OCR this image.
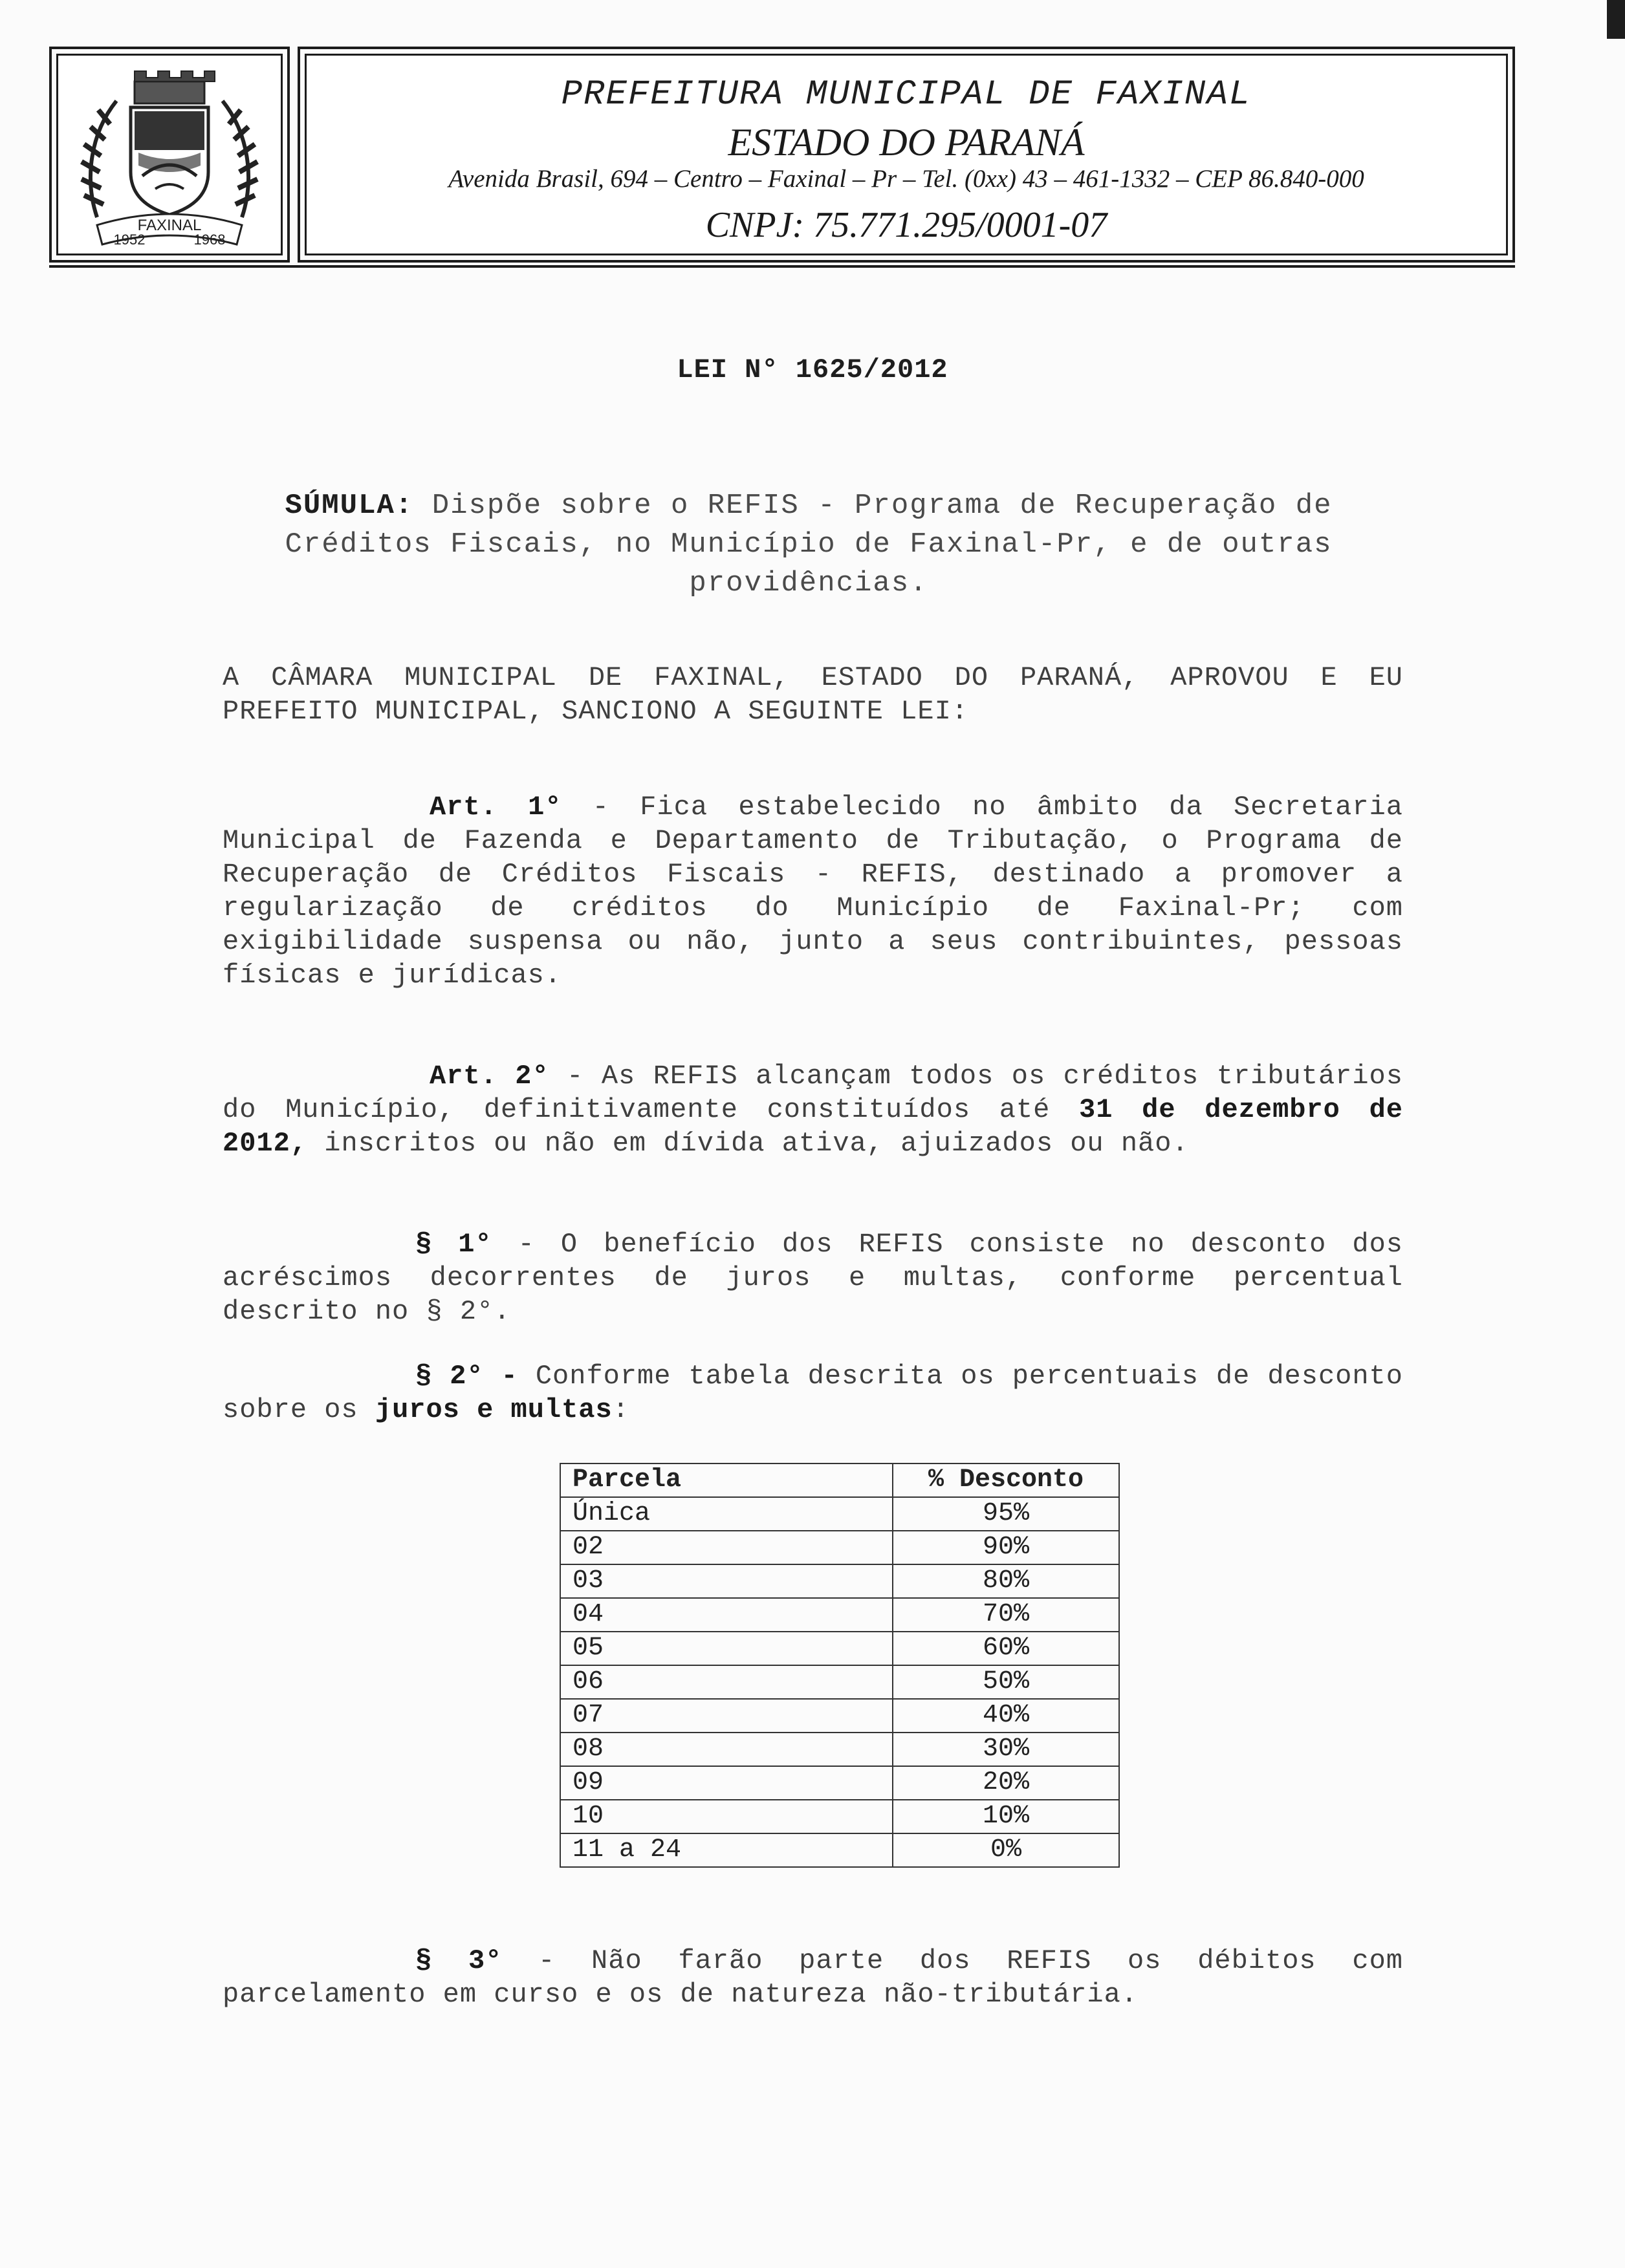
FAXINAL
1952	1968
PREFEITURA MUNICIPAL DE FAXINAL
ESTADO DO PARANÁ
Avenida Brasil, 694 – Centro – Faxinal – Pr – Tel. (0xx) 43 – 461-1332 – CEP 86.840-000
CNPJ: 75.771.295/0001-07
LEI N° 1625/2012
SÚMULA: Dispõe sobre o REFIS - Programa de Recuperação de Créditos Fiscais, no Município de Faxinal-Pr, e de outras providências.
A CÂMARA MUNICIPAL DE FAXINAL, ESTADO DO PARANÁ, APROVOU E EU PREFEITO MUNICIPAL, SANCIONO A SEGUINTE LEI:
Art. 1° - Fica estabelecido no âmbito da Secretaria Municipal de Fazenda e Departamento de Tributação, o Programa de Recuperação de Créditos Fiscais - REFIS, destinado a promover a regularização de créditos do Município de Faxinal-Pr; com exigibilidade suspensa ou não, junto a seus contribuintes, pessoas físicas e jurídicas.
Art. 2° - As REFIS alcançam todos os créditos tributários do Município, definitivamente constituídos até 31 de dezembro de 2012, inscritos ou não em dívida ativa, ajuizados ou não.
§ 1° - O benefício dos REFIS consiste no desconto dos acréscimos decorrentes de juros e multas, conforme percentual descrito no § 2°.
§ 2° - Conforme tabela descrita os percentuais de desconto sobre os juros e multas:
Parcela	% Desconto
Única	95%
02	90%
03	80%
04	70%
05	60%
06	50%
07	40%
08	30%
09	20%
10	10%
11 a 24	0%
§ 3° - Não farão parte dos REFIS os débitos com parcelamento em curso e os de natureza não-tributária.
